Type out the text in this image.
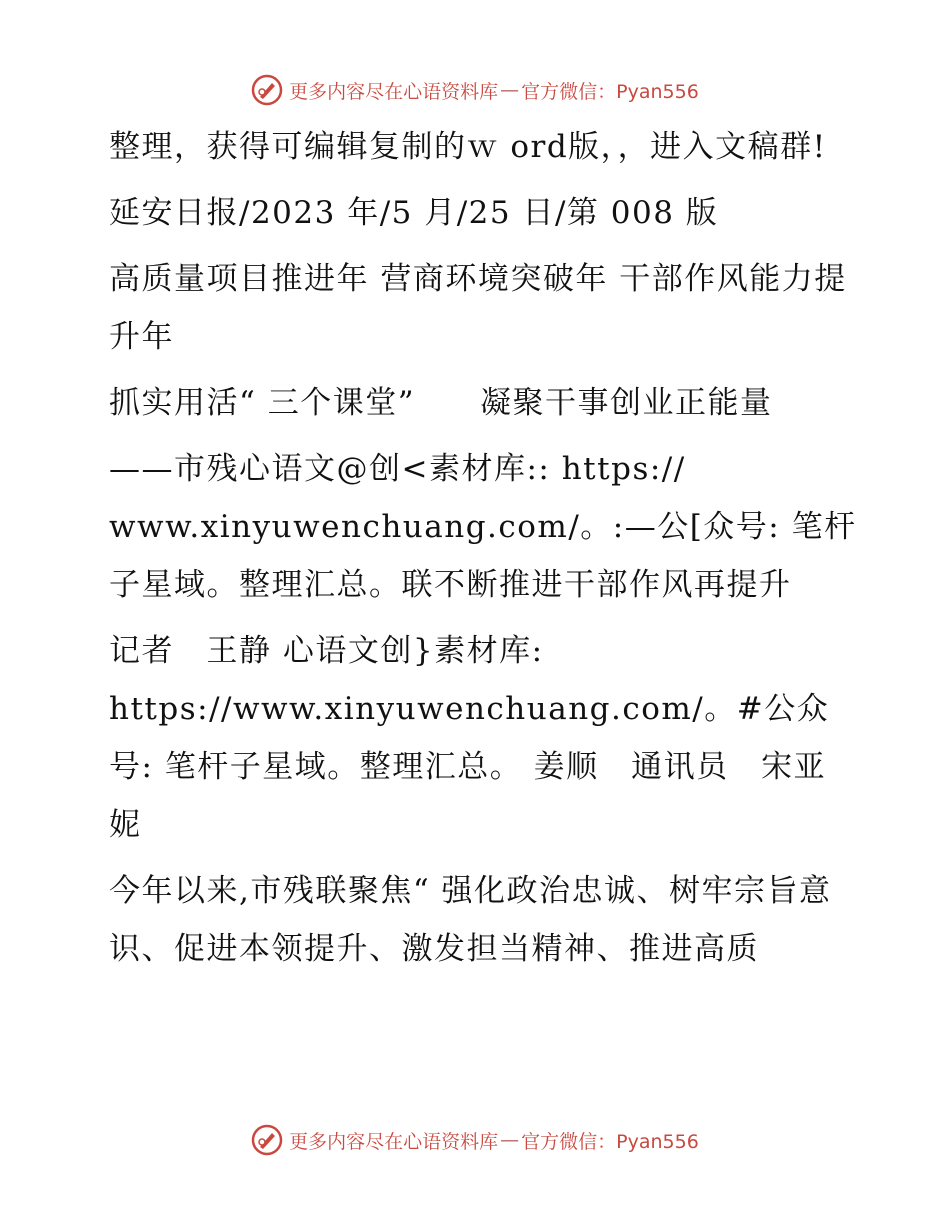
更多内容尽在心语资料库 — 官方微信：Pyan556

整理，获得可编辑复制的ｗ ord版，，进入文稿群!

延安日报/2023 年/5 月/25 日/第 008 版

高质量项目推进年 营商环境突破年 干部作风能力提升年

抓实用活“ 三个课堂”　　凝聚干事创业正能量

——市残心语文@创<素材库:: https:// www.xinyuwenchuang.com/。:—公[众号: 笔杆子星域。整理汇总。联不断推进干部作风再提升

记者　王静 心语文创}素材库: https://www.xinyuwenchuang.com/。#公众号: 笔杆子星域。整理汇总。 姜顺　通讯员　宋亚妮

今年以来,市残联聚焦“ 强化政治忠诚、树牢宗旨意识、促进本领提升、激发担当精神、推进高质

更多内容尽在心语资料库 — 官方微信：Pyan556
